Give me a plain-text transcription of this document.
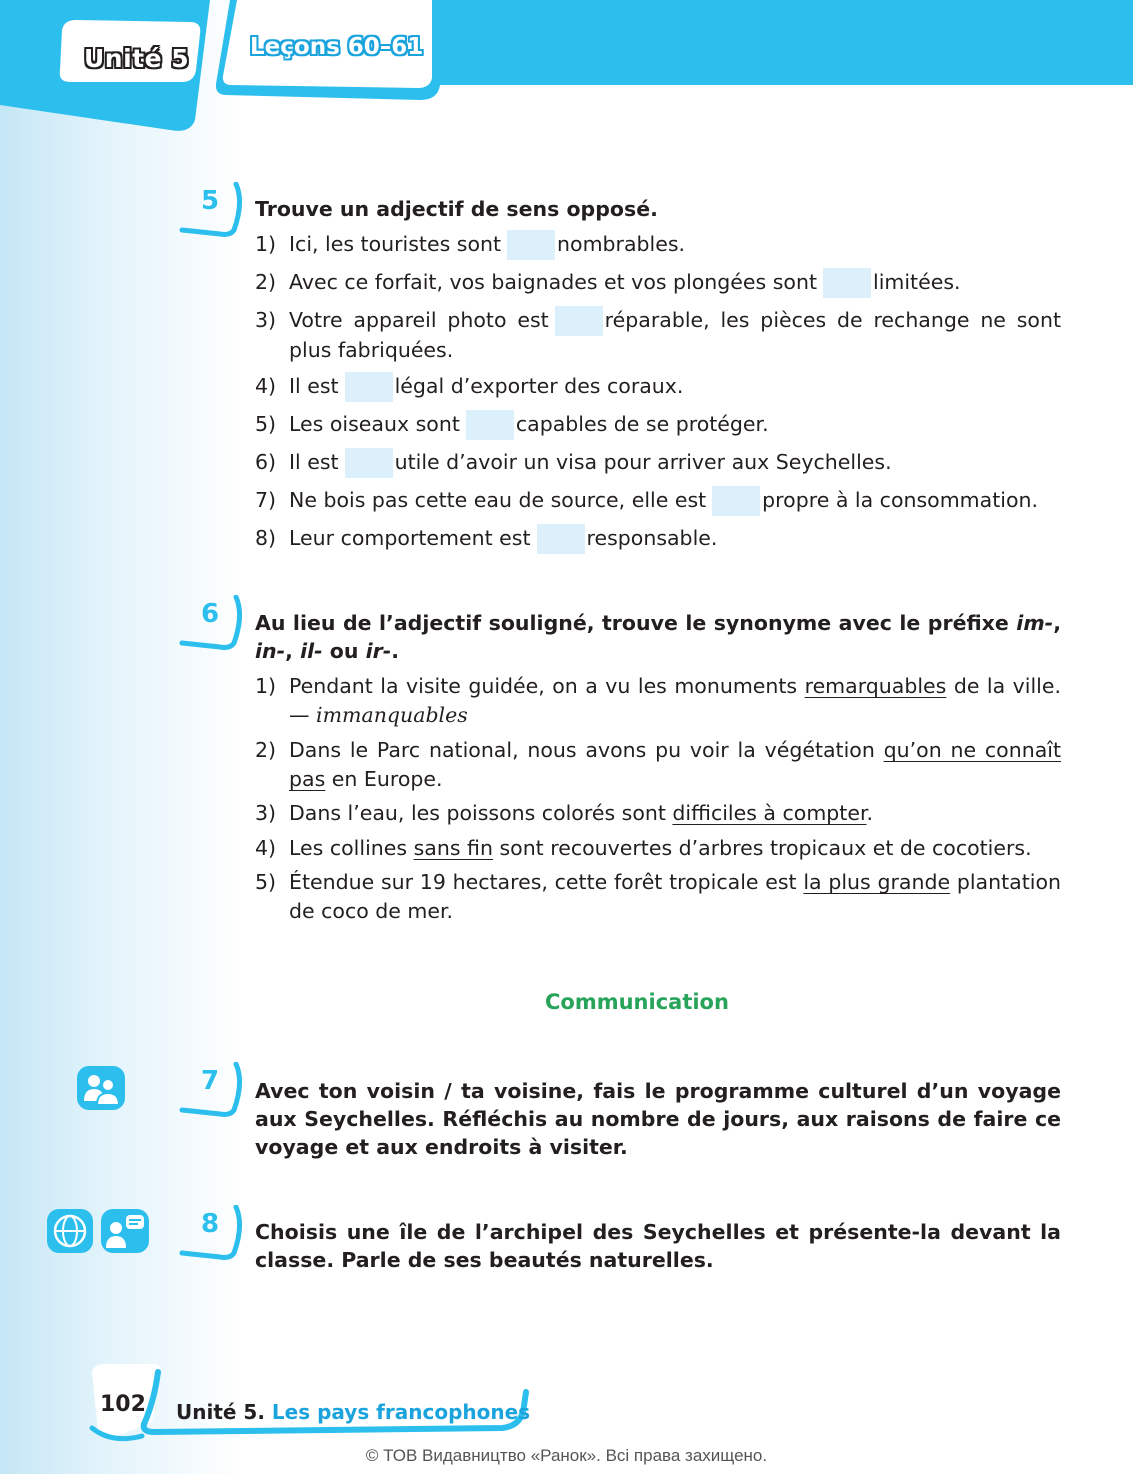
Unité 5	Leçons 60–61
5	Trouve un adjectif de sens opposé.
1) Ici, les touristes sont	nombrables.
2) Avec ce forfait, vos baignades et vos plongées sont	limitées.
3) Votre appareil photo est	réparable, les pièces de rechange ne sont plus fabriquées.
4) Il est	légal d’exporter des coraux.
5) Les oiseaux sont	capables de se protéger.
6) Il est	utile d’avoir un visa pour arriver aux Seychelles.
7) Ne bois pas cette eau de source, elle est	propre à la consommation.
8) Leur comportement est	responsable.
6	Au lieu de l’adjectif souligné, trouve le synonyme avec le préfixe im-, in-, il- ou ir-.
1) Pendant la visite guidée, on a vu les monuments remarquables de la ville. — immanquables
2) Dans le Parc national, nous avons pu voir la végétation qu’on ne connaît pas en Europe.
3) Dans l’eau, les poissons colorés sont difficiles à compter.
4) Les collines sans fin sont recouvertes d’arbres tropicaux et de cocotiers.
5) Étendue sur 19 hectares, cette forêt tropicale est la plus grande plantation de coco de mer.
Communication
7	Avec ton voisin / ta voisine, fais le programme culturel d’un voyage aux Seychelles. Réfléchis au nombre de jours, aux raisons de faire ce voyage et aux endroits à visiter.
8	Choisis une île de l’archipel des Seychelles et présente-la devant la classe. Parle de ses beautés naturelles.
102 Unité 5. Les pays francophones
© ТОВ Видавництво «Ранок». Всі права захищено.
